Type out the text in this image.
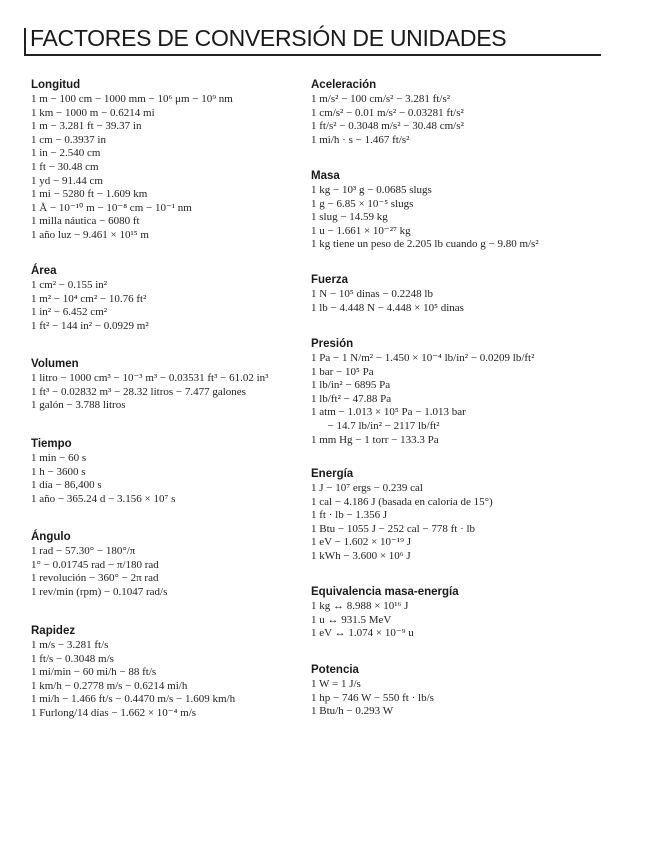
FACTORES DE CONVERSIÓN DE UNIDADES
Longitud
1 m − 100 cm − 1000 mm − 10⁶ μm − 10⁹ nm
1 km − 1000 m − 0.6214 mi
1 m − 3.281 ft − 39.37 in
1 cm − 0.3937 in
1 in − 2.540 cm
1 ft − 30.48 cm
1 yd − 91.44 cm
1 mi − 5280 ft − 1.609 km
1 Å − 10⁻¹⁰ m − 10⁻⁸ cm − 10⁻¹ nm
1 milla náutica − 6080 ft
1 año luz − 9.461 × 10¹⁵ m
Área
1 cm² − 0.155 in²
1 m² − 10⁴ cm² − 10.76 ft²
1 in² − 6.452 cm²
1 ft² − 144 in² − 0.0929 m²
Volumen
1 litro − 1000 cm³ − 10⁻³ m³ − 0.03531 ft³ − 61.02 in³
1 ft³ − 0.02832 m³ − 28.32 litros − 7.477 galones
1 galón − 3.788 litros
Tiempo
1 min − 60 s
1 h − 3600 s
1 día − 86,400 s
1 año − 365.24 d − 3.156 × 10⁷ s
Ángulo
1 rad − 57.30° − 180°/π
1° − 0.01745 rad − π/180 rad
1 revolución − 360° − 2π rad
1 rev/min (rpm) − 0.1047 rad/s
Rapidez
1 m/s − 3.281 ft/s
1 ft/s − 0.3048 m/s
1 mi/min − 60 mi/h − 88 ft/s
1 km/h − 0.2778 m/s − 0.6214 mi/h
1 mi/h − 1.466 ft/s − 0.4470 m/s − 1.609 km/h
1 Furlong/14 días − 1.662 × 10⁻⁴ m/s
Aceleración
1 m/s² − 100 cm/s² − 3.281 ft/s²
1 cm/s² − 0.01 m/s² − 0.03281 ft/s²
1 ft/s² − 0.3048 m/s² − 30.48 cm/s²
1 mi/h · s − 1.467 ft/s²
Masa
1 kg − 10³ g − 0.0685 slugs
1 g − 6.85 × 10⁻⁵ slugs
1 slug − 14.59 kg
1 u − 1.661 × 10⁻²⁷ kg
1 kg tiene un peso de 2.205 lb cuando g − 9.80 m/s²
Fuerza
1 N − 10⁵ dinas − 0.2248 lb
1 lb − 4.448 N − 4.448 × 10⁵ dinas
Presión
1 Pa − 1 N/m² − 1.450 × 10⁻⁴ lb/in² − 0.0209 lb/ft²
1 bar − 10⁵ Pa
1 lb/in² − 6895 Pa
1 lb/ft² − 47.88 Pa
1 atm − 1.013 × 10⁵ Pa − 1.013 bar
− 14.7 lb/in² − 2117 lb/ft²
1 mm Hg − 1 torr − 133.3 Pa
Energía
1 J − 10⁷ ergs − 0.239 cal
1 cal − 4.186 J (basada en caloría de 15°)
1 ft · lb − 1.356 J
1 Btu − 1055 J − 252 cal − 778 ft · lb
1 eV − 1.602 × 10⁻¹⁹ J
1 kWh − 3.600 × 10⁶ J
Equivalencia masa-energía
1 kg ↔ 8.988 × 10¹⁶ J
1 u ↔ 931.5 MeV
1 eV ↔ 1.074 × 10⁻⁹ u
Potencia
1 W = 1 J/s
1 hp − 746 W − 550 ft · lb/s
1 Btu/h − 0.293 W
